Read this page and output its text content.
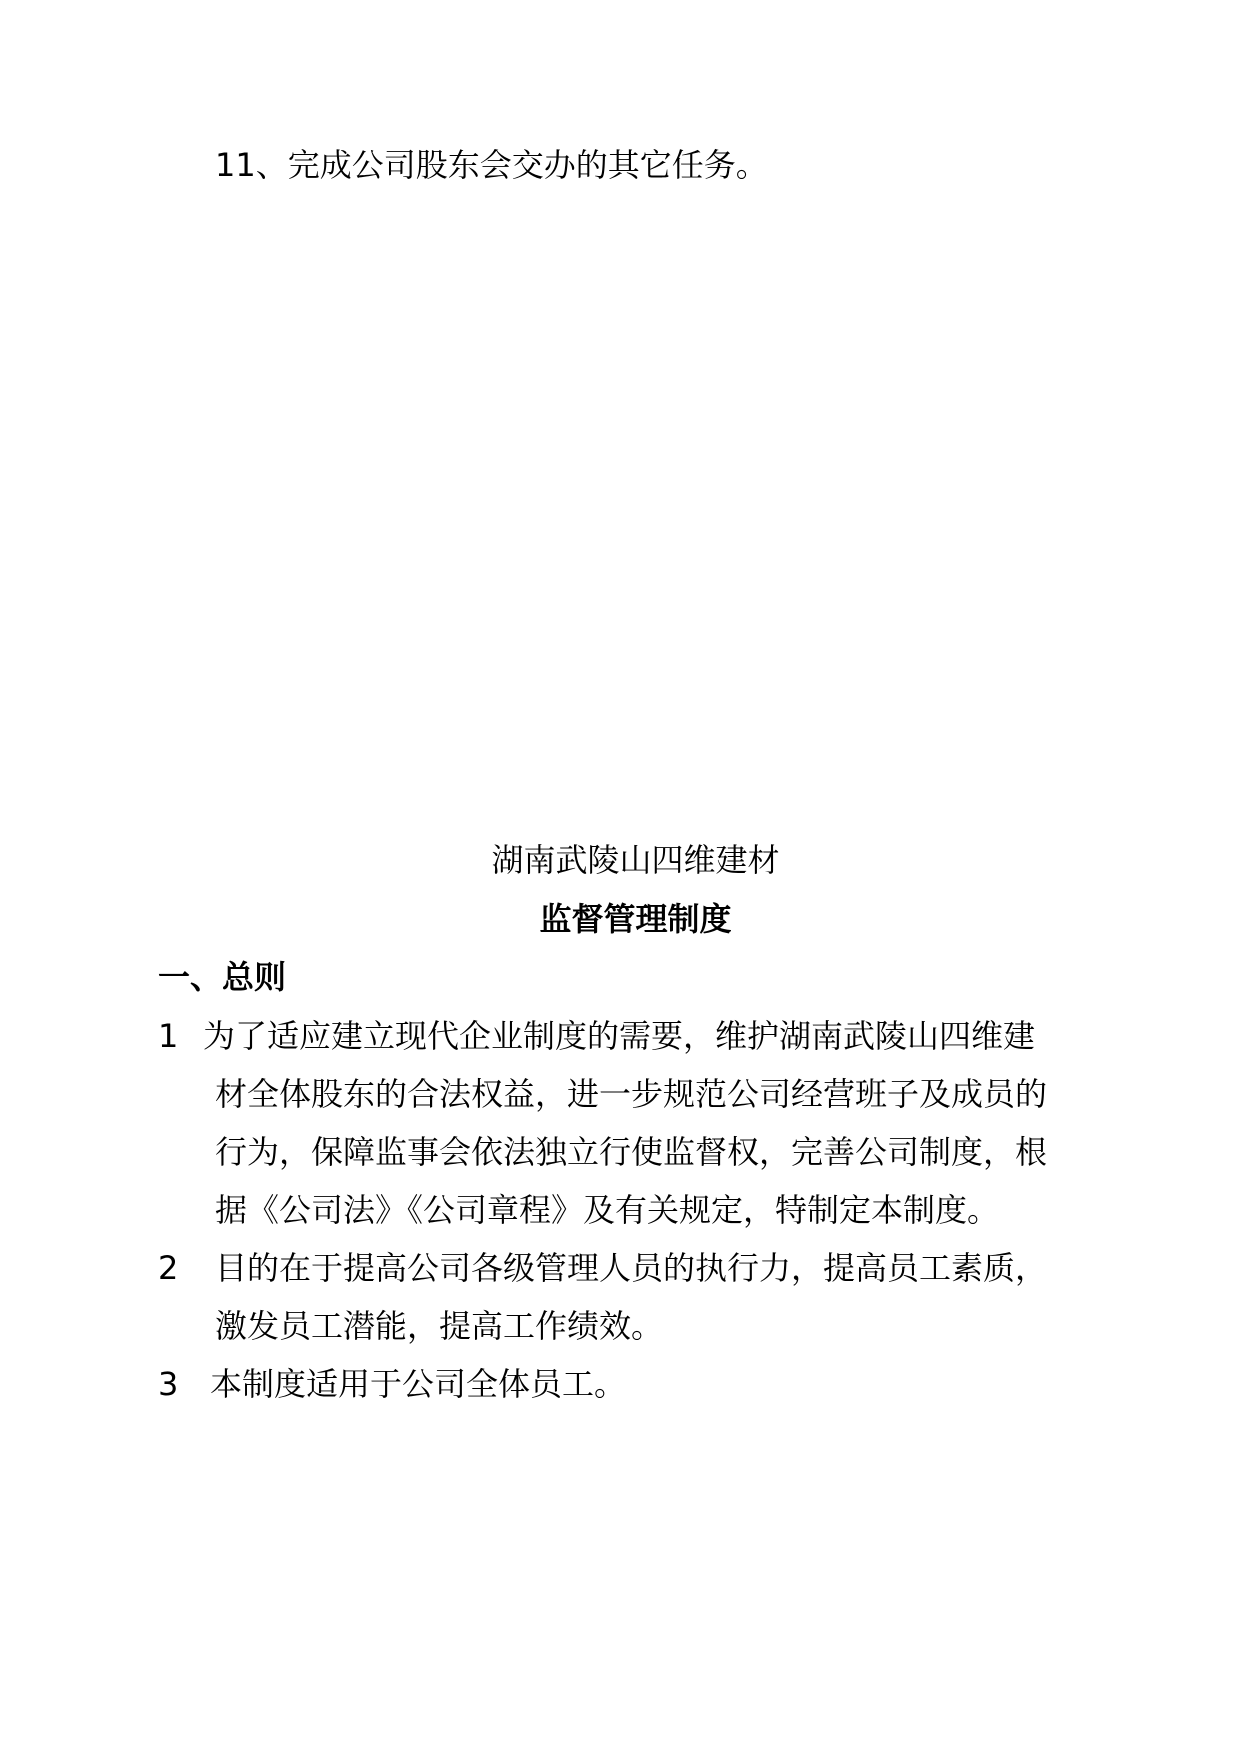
11、完成公司股东会交办的其它任务。
湖南武陵山四维建材
监督管理制度
一、总则
1 为了适应建立现代企业制度的需要，维护湖南武陵山四维建
材全体股东的合法权益，进一步规范公司经营班子及成员的
行为，保障监事会依法独立行使监督权，完善公司制度，根
据《公司法》《公司章程》及有关规定，特制定本制度。
2 目的在于提高公司各级管理人员的执行力，提高员工素质，
激发员工潜能，提高工作绩效。
3 本制度适用于公司全体员工。
